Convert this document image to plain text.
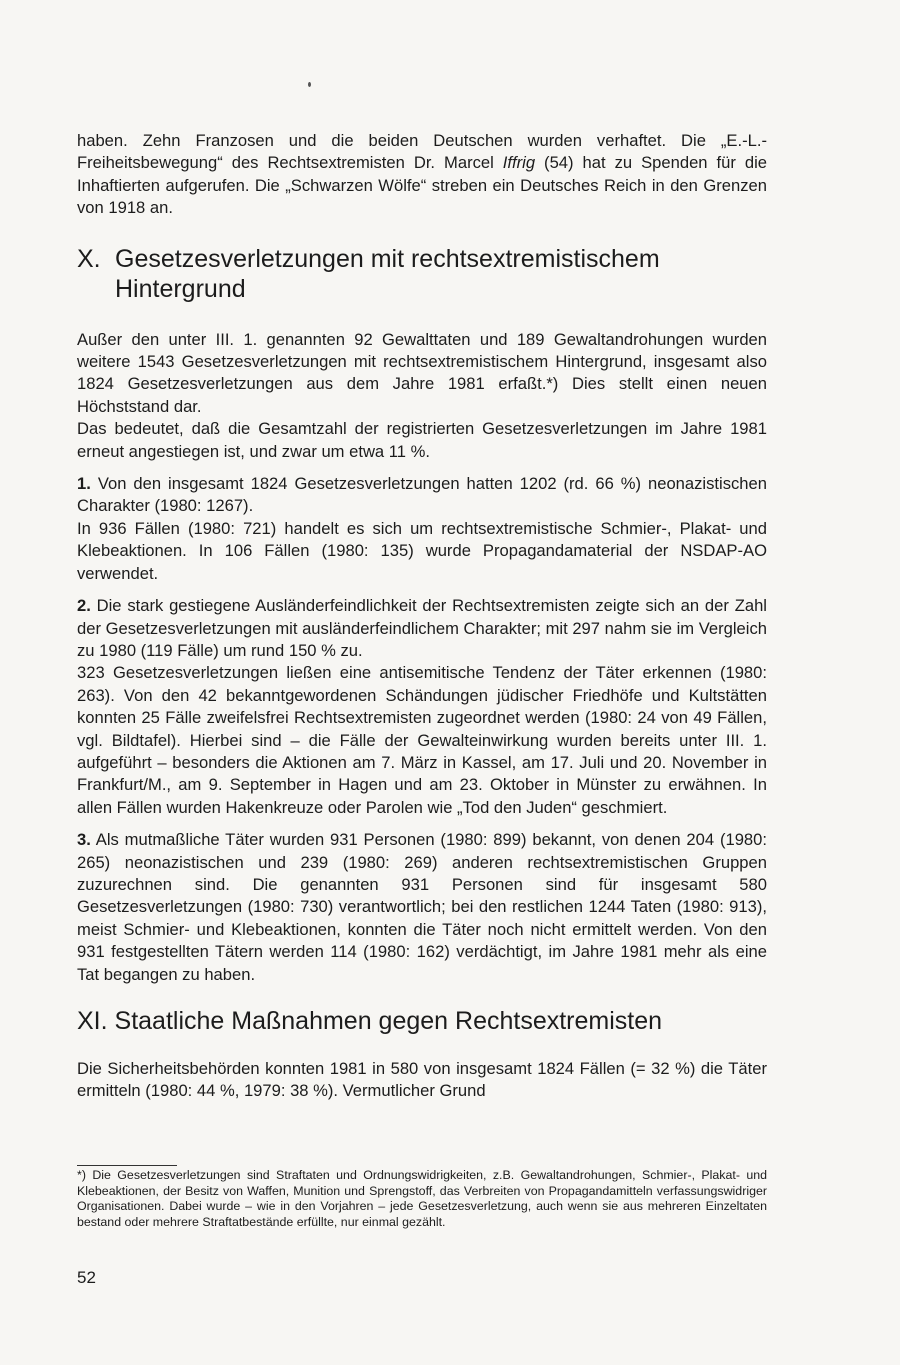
haben. Zehn Franzosen und die beiden Deutschen wurden verhaftet. Die „E.-L.-Freiheitsbewegung“ des Rechtsextremisten Dr. Marcel Iffrig (54) hat zu Spenden für die Inhaftierten aufgerufen. Die „Schwarzen Wölfe“ streben ein Deutsches Reich in den Grenzen von 1918 an.

X. Gesetzesverletzungen mit rechtsextremistischem
Hintergrund

Außer den unter III. 1. genannten 92 Gewalttaten und 189 Gewaltandrohungen wurden weitere 1543 Gesetzesverletzungen mit rechtsextremistischem Hintergrund, insgesamt also 1824 Gesetzesverletzungen aus dem Jahre 1981 erfaßt.*) Dies stellt einen neuen Höchststand dar.

Das bedeutet, daß die Gesamtzahl der registrierten Gesetzesverletzungen im Jahre 1981 erneut angestiegen ist, und zwar um etwa 11 %.

1. Von den insgesamt 1824 Gesetzesverletzungen hatten 1202 (rd. 66 %) neonazistischen Charakter (1980: 1267).

In 936 Fällen (1980: 721) handelt es sich um rechtsextremistische Schmier-, Plakat- und Klebeaktionen. In 106 Fällen (1980: 135) wurde Propagandamaterial der NSDAP-AO verwendet.

2. Die stark gestiegene Ausländerfeindlichkeit der Rechtsextremisten zeigte sich an der Zahl der Gesetzesverletzungen mit ausländerfeindlichem Charakter; mit 297 nahm sie im Vergleich zu 1980 (119 Fälle) um rund 150 % zu.

323 Gesetzesverletzungen ließen eine antisemitische Tendenz der Täter erkennen (1980: 263). Von den 42 bekanntgewordenen Schändungen jüdischer Friedhöfe und Kultstätten konnten 25 Fälle zweifelsfrei Rechtsextremisten zugeordnet werden (1980: 24 von 49 Fällen, vgl. Bildtafel). Hierbei sind – die Fälle der Gewalteinwirkung wurden bereits unter III. 1. aufgeführt – besonders die Aktionen am 7. März in Kassel, am 17. Juli und 20. November in Frankfurt/M., am 9. September in Hagen und am 23. Oktober in Münster zu erwähnen. In allen Fällen wurden Hakenkreuze oder Parolen wie „Tod den Juden“ geschmiert.

3. Als mutmaßliche Täter wurden 931 Personen (1980: 899) bekannt, von denen 204 (1980: 265) neonazistischen und 239 (1980: 269) anderen rechtsextremistischen Gruppen zuzurechnen sind. Die genannten 931 Personen sind für insgesamt 580 Gesetzesverletzungen (1980: 730) verantwortlich; bei den restlichen 1244 Taten (1980: 913), meist Schmier- und Klebeaktionen, konnten die Täter noch nicht ermittelt werden. Von den 931 festgestellten Tätern werden 114 (1980: 162) verdächtigt, im Jahre 1981 mehr als eine Tat begangen zu haben.

XI. Staatliche Maßnahmen gegen Rechtsextremisten

Die Sicherheitsbehörden konnten 1981 in 580 von insgesamt 1824 Fällen (= 32 %) die Täter ermitteln (1980: 44 %, 1979: 38 %). Vermutlicher Grund

*) Die Gesetzesverletzungen sind Straftaten und Ordnungswidrigkeiten, z.B. Gewaltandrohungen, Schmier-, Plakat- und Klebeaktionen, der Besitz von Waffen, Munition und Sprengstoff, das Verbreiten von Propagandamitteln verfassungswidriger Organisationen. Dabei wurde – wie in den Vorjahren – jede Gesetzesverletzung, auch wenn sie aus mehreren Einzeltaten bestand oder mehrere Straftatbestände erfüllte, nur einmal gezählt.
52
